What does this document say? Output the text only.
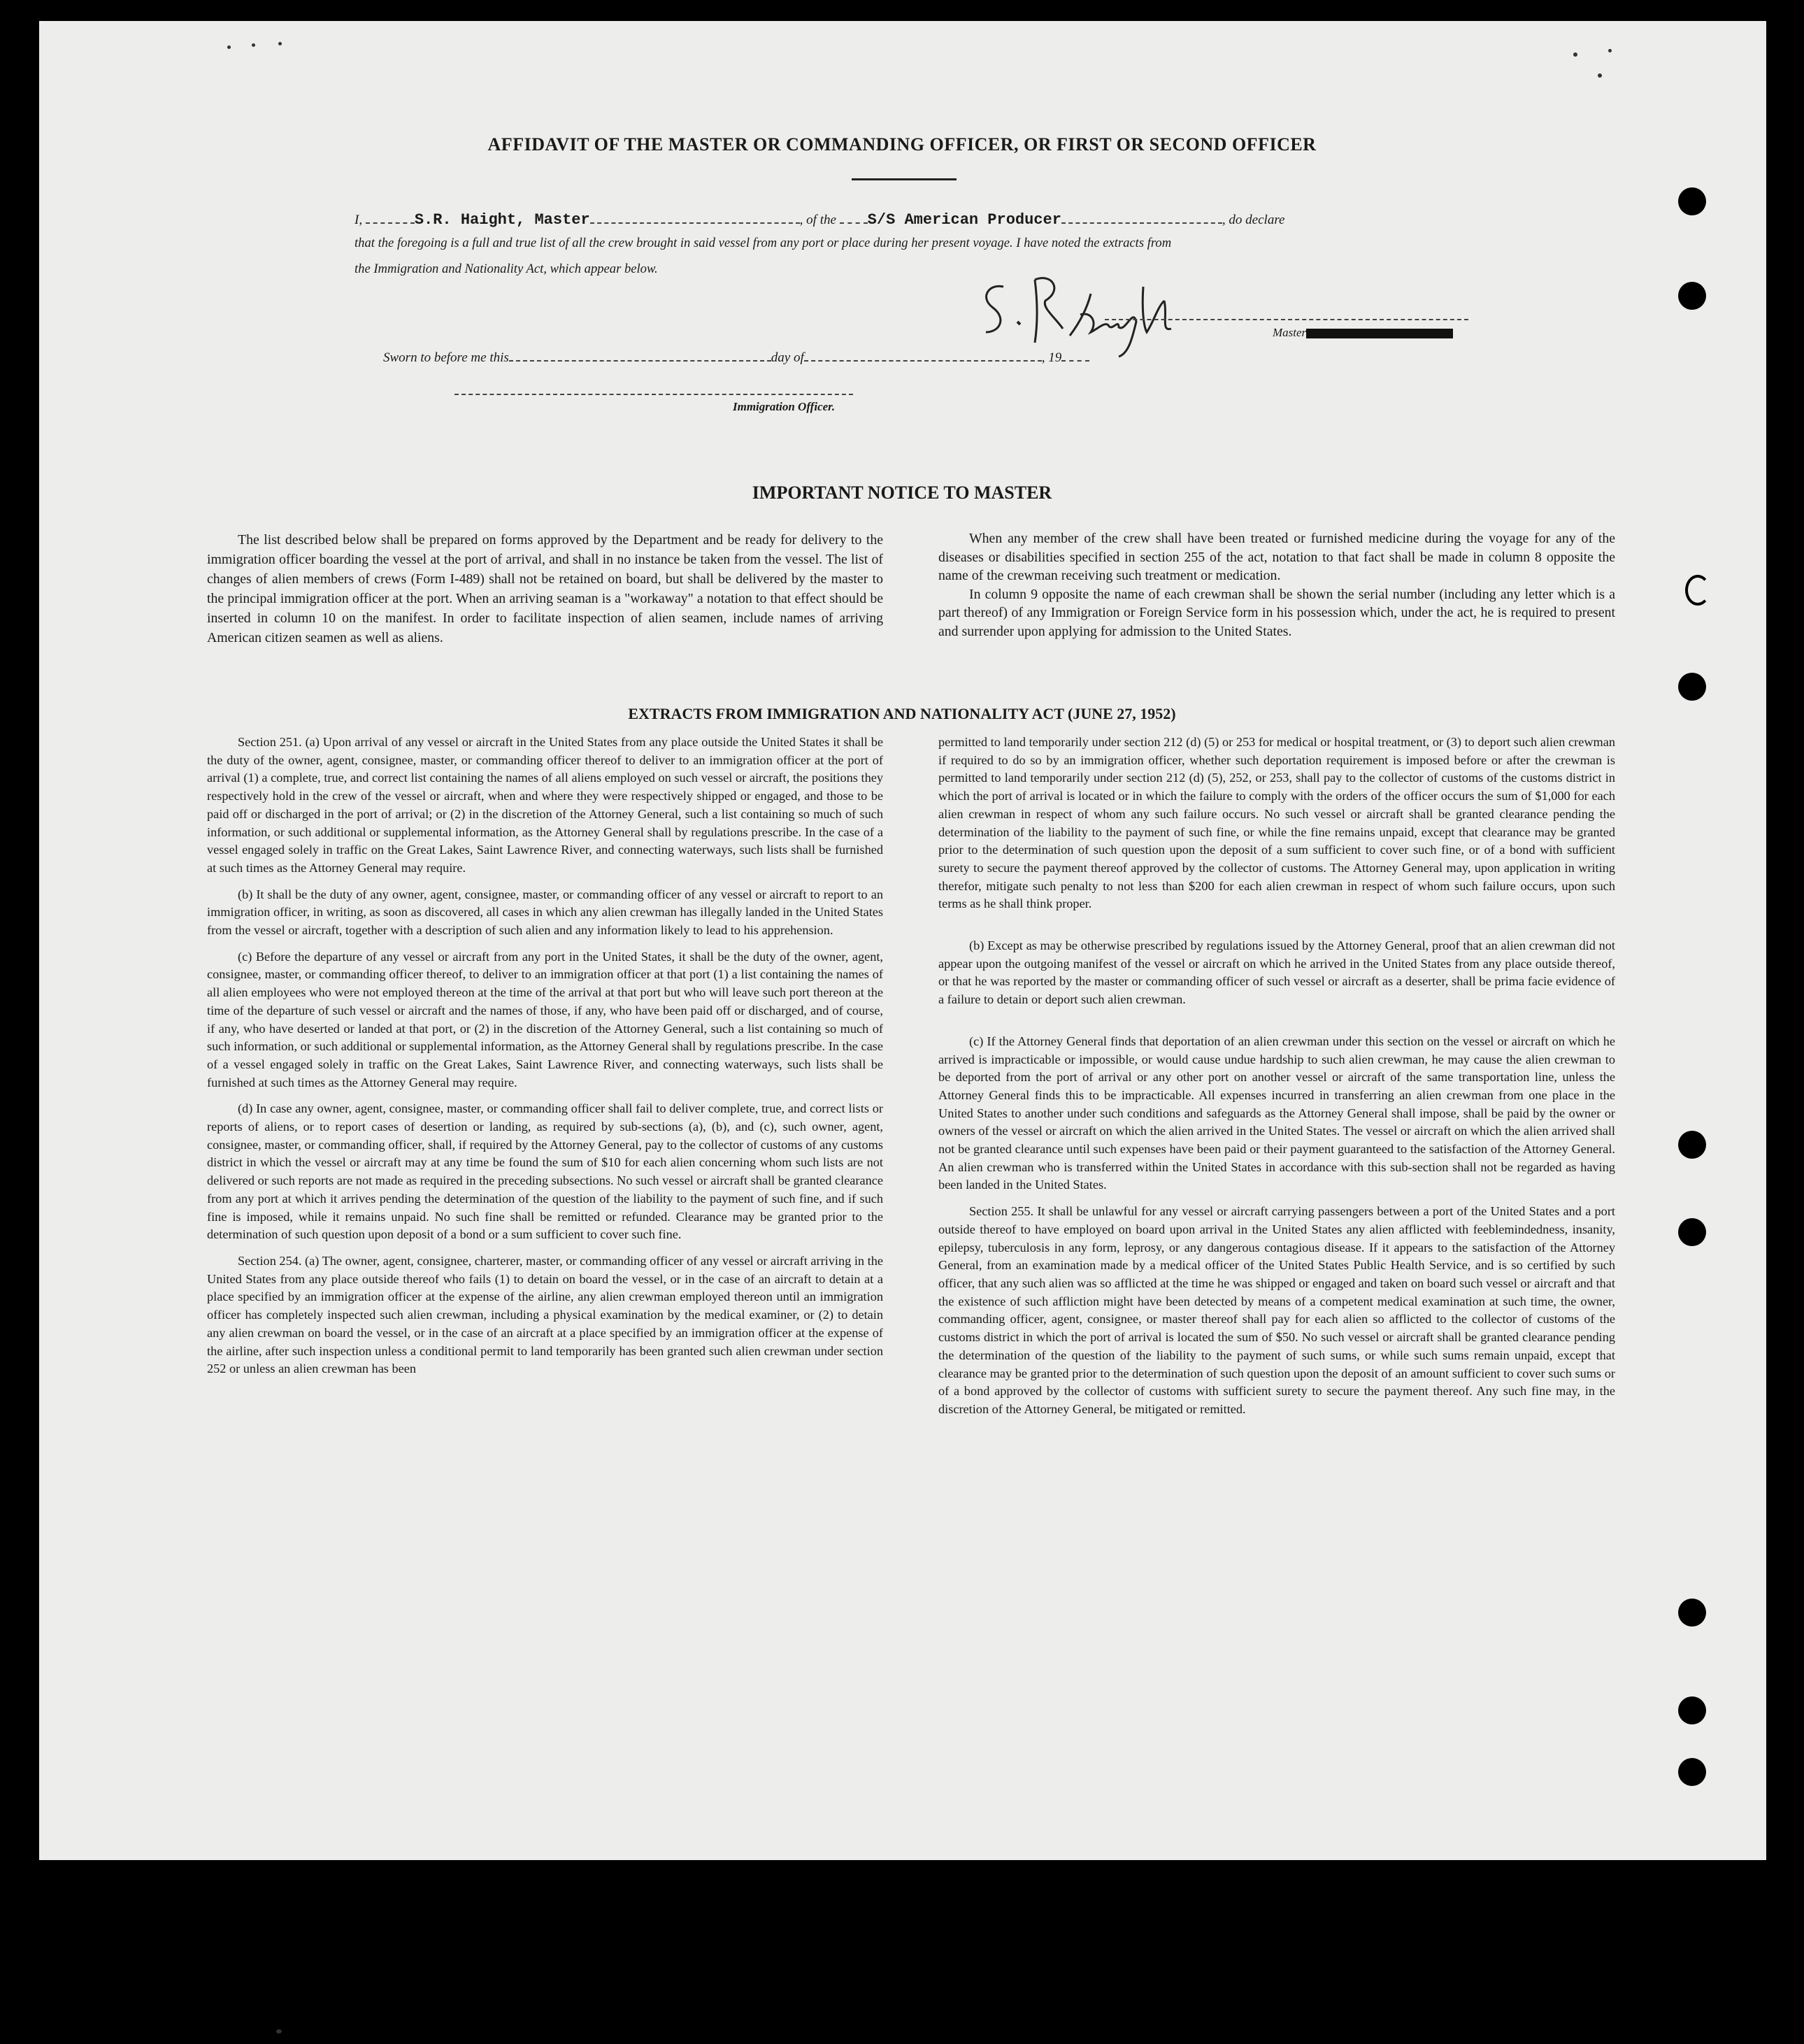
AFFIDAVIT OF THE MASTER OR COMMANDING OFFICER, OR FIRST OR SECOND OFFICER
I,	S.R. Haight, Master	, of the S/S American Producer	, do declare
that the foregoing is a full and true list of all the crew brought in said vessel from any port or place during her present voyage. I have noted the extracts from
the Immigration and Nationality Act, which appear below.
Master
Sworn to before me this	day of	, 19
Immigration Officer.
IMPORTANT NOTICE TO MASTER

The list described below shall be prepared on forms approved by the Department and be ready for delivery to the immigration officer boarding the vessel at the port of arrival, and shall in no instance be taken from the vessel. The list of changes of alien members of crews (Form I-489) shall not be retained on board, but shall be delivered by the master to the principal immigration officer at the port. When an arriving seaman is a "workaway" a notation to that effect should be inserted in column 10 on the manifest. In order to facilitate inspection of alien seamen, include names of arriving American citizen seamen as well as aliens.

When any member of the crew shall have been treated or furnished medicine during the voyage for any of the diseases or disabilities specified in section 255 of the act, notation to that fact shall be made in column 8 opposite the name of the crewman receiving such treatment or medication.

In column 9 opposite the name of each crewman shall be shown the serial number (including any letter which is a part thereof) of any Immigration or Foreign Service form in his possession which, under the act, he is required to present and surrender upon applying for admission to the United States.

EXTRACTS FROM IMMIGRATION AND NATIONALITY ACT (JUNE 27, 1952)

Section 251. (a) Upon arrival of any vessel or aircraft in the United States from any place outside the United States it shall be the duty of the owner, agent, consignee, master, or commanding officer thereof to deliver to an immigration officer at the port of arrival (1) a complete, true, and correct list containing the names of all aliens employed on such vessel or aircraft, the positions they respectively hold in the crew of the vessel or aircraft, when and where they were respectively shipped or engaged, and those to be paid off or discharged in the port of arrival; or (2) in the discretion of the Attorney General, such a list containing so much of such information, or such additional or supplemental information, as the Attorney General shall by regulations prescribe. In the case of a vessel engaged solely in traffic on the Great Lakes, Saint Lawrence River, and connecting waterways, such lists shall be furnished at such times as the Attorney General may require.

(b) It shall be the duty of any owner, agent, consignee, master, or commanding officer of any vessel or aircraft to report to an immigration officer, in writing, as soon as discovered, all cases in which any alien crewman has illegally landed in the United States from the vessel or aircraft, together with a description of such alien and any information likely to lead to his apprehension.

(c) Before the departure of any vessel or aircraft from any port in the United States, it shall be the duty of the owner, agent, consignee, master, or commanding officer thereof, to deliver to an immigration officer at that port (1) a list containing the names of all alien employees who were not employed thereon at the time of the arrival at that port but who will leave such port thereon at the time of the departure of such vessel or aircraft and the names of those, if any, who have been paid off or discharged, and of course, if any, who have deserted or landed at that port, or (2) in the discretion of the Attorney General, such a list containing so much of such information, or such additional or supplemental information, as the Attorney General shall by regulations prescribe. In the case of a vessel engaged solely in traffic on the Great Lakes, Saint Lawrence River, and connecting waterways, such lists shall be furnished at such times as the Attorney General may require.

(d) In case any owner, agent, consignee, master, or commanding officer shall fail to deliver complete, true, and correct lists or reports of aliens, or to report cases of desertion or landing, as required by sub-sections (a), (b), and (c), such owner, agent, consignee, master, or commanding officer, shall, if required by the Attorney General, pay to the collector of customs of any customs district in which the vessel or aircraft may at any time be found the sum of $10 for each alien concerning whom such lists are not delivered or such reports are not made as required in the preceding subsections. No such vessel or aircraft shall be granted clearance from any port at which it arrives pending the determination of the question of the liability to the payment of such fine, and if such fine is imposed, while it remains unpaid. No such fine shall be remitted or refunded. Clearance may be granted prior to the determination of such question upon deposit of a bond or a sum sufficient to cover such fine.

Section 254. (a) The owner, agent, consignee, charterer, master, or commanding officer of any vessel or aircraft arriving in the United States from any place outside thereof who fails (1) to detain on board the vessel, or in the case of an aircraft to detain at a place specified by an immigration officer at the expense of the airline, any alien crewman employed thereon until an immigration officer has completely inspected such alien crewman, including a physical examination by the medical examiner, or (2) to detain any alien crewman on board the vessel, or in the case of an aircraft at a place specified by an immigration officer at the expense of the airline, after such inspection unless a conditional permit to land temporarily has been granted such alien crewman under section 252 or unless an alien crewman has been

permitted to land temporarily under section 212 (d) (5) or 253 for medical or hospital treatment, or (3) to deport such alien crewman if required to do so by an immigration officer, whether such deportation requirement is imposed before or after the crewman is permitted to land temporarily under section 212 (d) (5), 252, or 253, shall pay to the collector of customs of the customs district in which the port of arrival is located or in which the failure to comply with the orders of the officer occurs the sum of $1,000 for each alien crewman in respect of whom any such failure occurs. No such vessel or aircraft shall be granted clearance pending the determination of the liability to the payment of such fine, or while the fine remains unpaid, except that clearance may be granted prior to the determination of such question upon the deposit of a sum sufficient to cover such fine, or of a bond with sufficient surety to secure the payment thereof approved by the collector of customs. The Attorney General may, upon application in writing therefor, mitigate such penalty to not less than $200 for each alien crewman in respect of whom such failure occurs, upon such terms as he shall think proper.

(b) Except as may be otherwise prescribed by regulations issued by the Attorney General, proof that an alien crewman did not appear upon the outgoing manifest of the vessel or aircraft on which he arrived in the United States from any place outside thereof, or that he was reported by the master or commanding officer of such vessel or aircraft as a deserter, shall be prima facie evidence of a failure to detain or deport such alien crewman.

(c) If the Attorney General finds that deportation of an alien crewman under this section on the vessel or aircraft on which he arrived is impracticable or impossible, or would cause undue hardship to such alien crewman, he may cause the alien crewman to be deported from the port of arrival or any other port on another vessel or aircraft of the same transportation line, unless the Attorney General finds this to be impracticable. All expenses incurred in transferring an alien crewman from one place in the United States to another under such conditions and safeguards as the Attorney General shall impose, shall be paid by the owner or owners of the vessel or aircraft on which the alien arrived in the United States. The vessel or aircraft on which the alien arrived shall not be granted clearance until such expenses have been paid or their payment guaranteed to the satisfaction of the Attorney General. An alien crewman who is transferred within the United States in accordance with this sub-section shall not be regarded as having been landed in the United States.

Section 255. It shall be unlawful for any vessel or aircraft carrying passengers between a port of the United States and a port outside thereof to have employed on board upon arrival in the United States any alien afflicted with feeblemindedness, insanity, epilepsy, tuberculosis in any form, leprosy, or any dangerous contagious disease. If it appears to the satisfaction of the Attorney General, from an examination made by a medical officer of the United States Public Health Service, and is so certified by such officer, that any such alien was so afflicted at the time he was shipped or engaged and taken on board such vessel or aircraft and that the existence of such affliction might have been detected by means of a competent medical examination at such time, the owner, commanding officer, agent, consignee, or master thereof shall pay for each alien so afflicted to the collector of customs of the customs district in which the port of arrival is located the sum of $50. No such vessel or aircraft shall be granted clearance pending the determination of the question of the liability to the payment of such sums, or while such sums remain unpaid, except that clearance may be granted prior to the determination of such question upon the deposit of an amount sufficient to cover such sums or of a bond approved by the collector of customs with sufficient surety to secure the payment thereof. Any such fine may, in the discretion of the Attorney General, be mitigated or remitted.
